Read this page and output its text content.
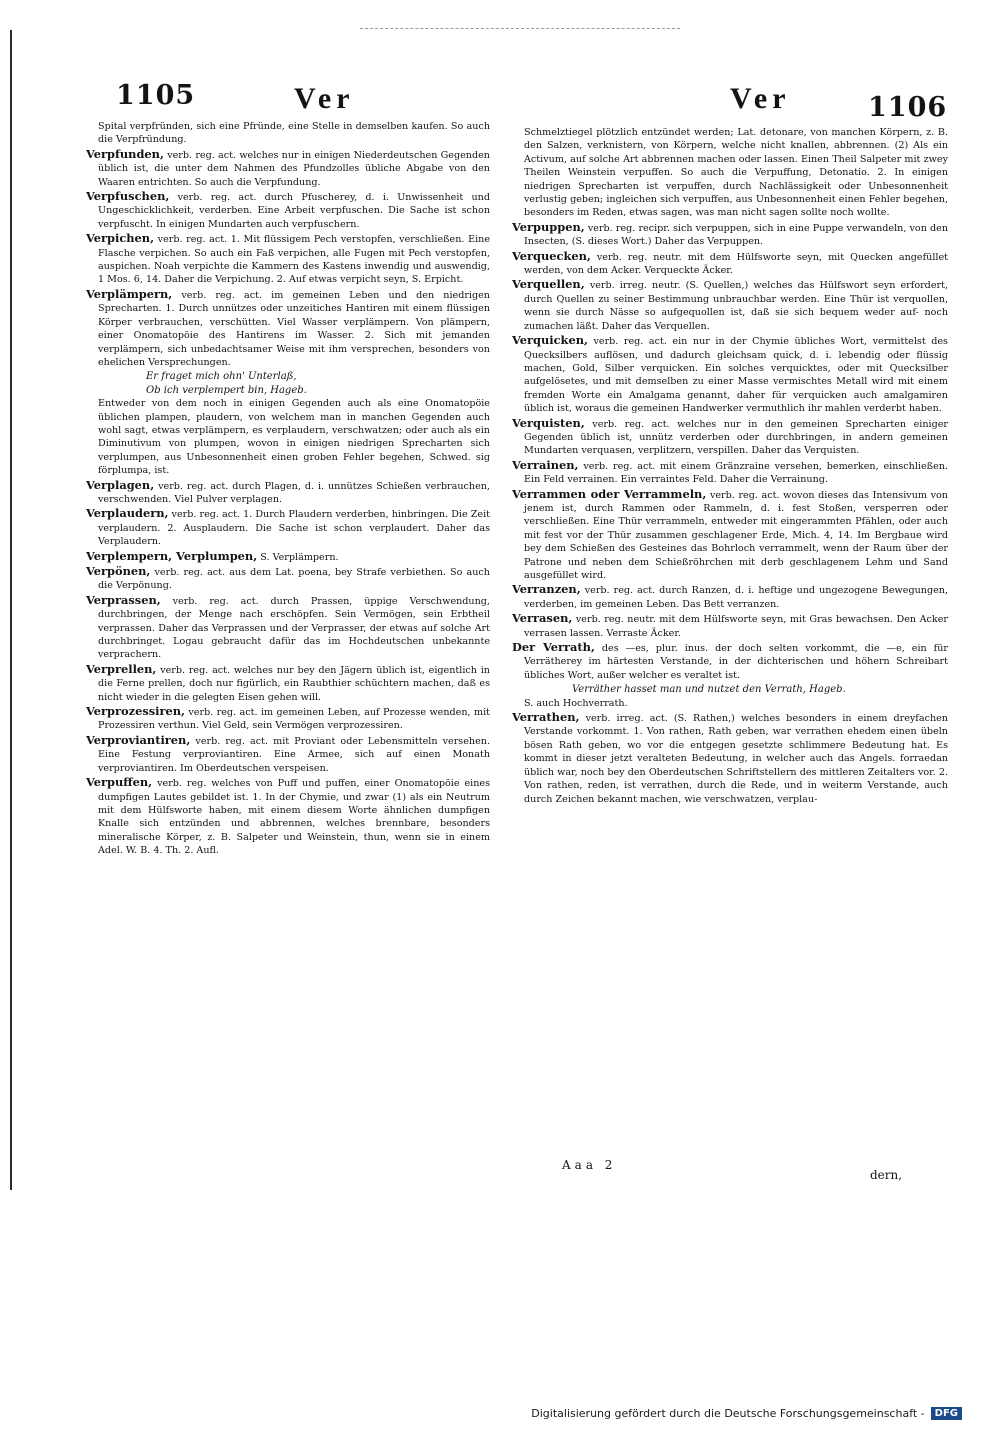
1105	Ver	Ver	1106
Spital verpfründen, sich eine Pfründe, eine Stelle in demselben kaufen. So auch die Verpfründung.
Verpfunden, verb. reg. act. welches nur in einigen Niederdeutschen Gegenden üblich ist, die unter dem Nahmen des Pfundzolles übliche Abgabe von den Waaren entrichten. So auch die Verpfundung.
Verpfuschen, verb. reg. act. durch Pfuscherey, d. i. Unwissenheit und Ungeschicklichkeit, verderben. Eine Arbeit verpfuschen. Die Sache ist schon verpfuscht. In einigen Mundarten auch verpfuschern.
Verpichen, verb. reg. act. 1. Mit flüssigem Pech verstopfen, verschließen. Eine Flasche verpichen. So auch ein Faß verpichen, alle Fugen mit Pech verstopfen, auspichen. Noah verpichte die Kammern des Kastens inwendig und auswendig, 1 Mos. 6, 14. Daher die Verpichung. 2. Auf etwas verpicht seyn, S. Erpicht.
Verplämpern, verb. reg. act. im gemeinen Leben und den niedrigen Sprecharten. 1. Durch unnützes oder unzeitiches Hantiren mit einem flüssigen Körper verbrauchen, verschütten. Viel Wasser verplämpern. Von plämpern, einer Onomatopöie des Hantirens im Wasser. 2. Sich mit jemanden verplämpern, sich unbedachtsamer Weise mit ihm versprechen, besonders von ehelichen Versprechungen.
Er fraget mich ohn' Unterlaß,
Ob ich verplempert bin, Hageb.
Entweder von dem noch in einigen Gegenden auch als eine Onomatopöie üblichen plampen, plaudern, von welchem man in manchen Gegenden auch wohl sagt, etwas verplämpern, es verplaudern, verschwatzen; oder auch als ein Diminutivum von plumpen, wovon in einigen niedrigen Sprecharten sich verplumpen, aus Unbesonnenheit einen groben Fehler begehen, Schwed. sig förplumpa, ist.
Verplagen, verb. reg. act. durch Plagen, d. i. unnützes Schießen verbrauchen, verschwenden. Viel Pulver verplagen.
Verplaudern, verb. reg. act. 1. Durch Plaudern verderben, hinbringen. Die Zeit verplaudern. 2. Ausplaudern. Die Sache ist schon verplaudert. Daher das Verplaudern.
Verplempern, Verplumpen, S. Verplämpern.
Verpönen, verb. reg. act. aus dem Lat. poena, bey Strafe verbiethen. So auch die Verpönung.
Verprassen, verb. reg. act. durch Prassen, üppige Verschwendung, durchbringen, der Menge nach erschöpfen. Sein Vermögen, sein Erbtheil verprassen. Daher das Verprassen und der Verprasser, der etwas auf solche Art durchbringet. Logau gebraucht dafür das im Hochdeutschen unbekannte verprachern.
Verprellen, verb. reg. act. welches nur bey den Jägern üblich ist, eigentlich in die Ferne prellen, doch nur figürlich, ein Raubthier schüchtern machen, daß es nicht wieder in die gelegten Eisen gehen will.
Verprozessiren, verb. reg. act. im gemeinen Leben, auf Prozesse wenden, mit Prozessiren verthun. Viel Geld, sein Vermögen verprozessiren.
Verproviantiren, verb. reg. act. mit Proviant oder Lebensmitteln versehen. Eine Festung verproviantiren. Eine Armee, sich auf einen Monath verproviantiren. Im Oberdeutschen verspeisen.
Verpuffen, verb. reg. welches von Puff und puffen, einer Onomatopöie eines dumpfigen Lautes gebildet ist. 1. In der Chymie, und zwar (1) als ein Neutrum mit dem Hülfsworte haben, mit einem diesem Worte ähnlichen dumpfigen Knalle sich entzünden und abbrennen, welches brennbare, besonders mineralische Körper, z. B. Salpeter und Weinstein, thun, wenn sie in einem Adel. W. B. 4. Th. 2. Aufl.
Schmelztiegel plötzlich entzündet werden; Lat. detonare, von manchen Körpern, z. B. den Salzen, verknistern, von Körpern, welche nicht knallen, abbrennen. (2) Als ein Activum, auf solche Art abbrennen machen oder lassen. Einen Theil Salpeter mit zwey Theilen Weinstein verpuffen. So auch die Verpuffung, Detonatio. 2. In einigen niedrigen Sprecharten ist verpuffen, durch Nachlässigkeit oder Unbesonnenheit verlustig geben; ingleichen sich verpuffen, aus Unbesonnenheit einen Fehler begehen, besonders im Reden, etwas sagen, was man nicht sagen sollte noch wollte.
Verpuppen, verb. reg. recipr. sich verpuppen, sich in eine Puppe verwandeln, von den Insecten, (S. dieses Wort.) Daher das Verpuppen.
Verquecken, verb. reg. neutr. mit dem Hülfsworte seyn, mit Quecken angefüllet werden, von dem Acker. Verqueckte Äcker.
Verquellen, verb. irreg. neutr. (S. Quellen,) welches das Hülfswort seyn erfordert, durch Quellen zu seiner Bestimmung unbrauchbar werden. Eine Thür ist verquollen, wenn sie durch Nässe so aufgequollen ist, daß sie sich bequem weder auf- noch zumachen läßt. Daher das Verquellen.
Verquicken, verb. reg. act. ein nur in der Chymie übliches Wort, vermittelst des Quecksilbers auflösen, und dadurch gleichsam quick, d. i. lebendig oder flüssig machen, Gold, Silber verquicken. Ein solches verquicktes, oder mit Quecksilber aufgelösetes, und mit demselben zu einer Masse vermischtes Metall wird mit einem fremden Worte ein Amalgama genannt, daher für verquicken auch amalgamiren üblich ist, woraus die gemeinen Handwerker vermuthlich ihr mahlen verderbt haben.
Verquisten, verb. reg. act. welches nur in den gemeinen Sprecharten einiger Gegenden üblich ist, unnütz verderben oder durchbringen, in andern gemeinen Mundarten verquasen, verplitzern, verspillen. Daher das Verquisten.
Verrainen, verb. reg. act. mit einem Gränzraine versehen, bemerken, einschließen. Ein Feld verrainen. Ein verraintes Feld. Daher die Verrainung.
Verrammen oder Verrammeln, verb. reg. act. wovon dieses das Intensivum von jenem ist, durch Rammen oder Rammeln, d. i. fest Stoßen, versperren oder verschließen. Eine Thür verrammeln, entweder mit eingerammten Pfählen, oder auch mit fest vor der Thür zusammen geschlagener Erde, Mich. 4, 14. Im Bergbaue wird bey dem Schießen des Gesteines das Bohrloch verrammelt, wenn der Raum über der Patrone und neben dem Schießröhrchen mit derb geschlagenem Lehm und Sand ausgefüllet wird.
Verranzen, verb. reg. act. durch Ranzen, d. i. heftige und ungezogene Bewegungen, verderben, im gemeinen Leben. Das Bett verranzen.
Verrasen, verb. reg. neutr. mit dem Hülfsworte seyn, mit Gras bewachsen. Den Acker verrasen lassen. Verraste Äcker.
Der Verrath, des —es, plur. inus. der doch selten vorkommt, die —e, ein für Verrätherey im härtesten Verstande, in der dichterischen und höhern Schreibart übliches Wort, außer welcher es veraltet ist.
Verräther hasset man und nutzet den Verrath, Hageb.
S. auch Hochverrath.
Verrathen, verb. irreg. act. (S. Rathen,) welches besonders in einem dreyfachen Verstande vorkommt. 1. Von rathen, Rath geben, war verrathen ehedem einen übeln bösen Rath geben, wo vor die entgegen gesetzte schlimmere Bedeutung hat. Es kommt in dieser jetzt veralteten Bedeutung, in welcher auch das Angels. forraedan üblich war, noch bey den Oberdeutschen Schriftstellern des mittleren Zeitalters vor. 2. Von rathen, reden, ist verrathen, durch die Rede, und in weiterm Verstande, auch durch Zeichen bekannt machen, wie verschwatzen, verplau-
Aaa 2
dern,
Digitalisierung gefördert durch die Deutsche Forschungsgemeinschaft -	DFG
